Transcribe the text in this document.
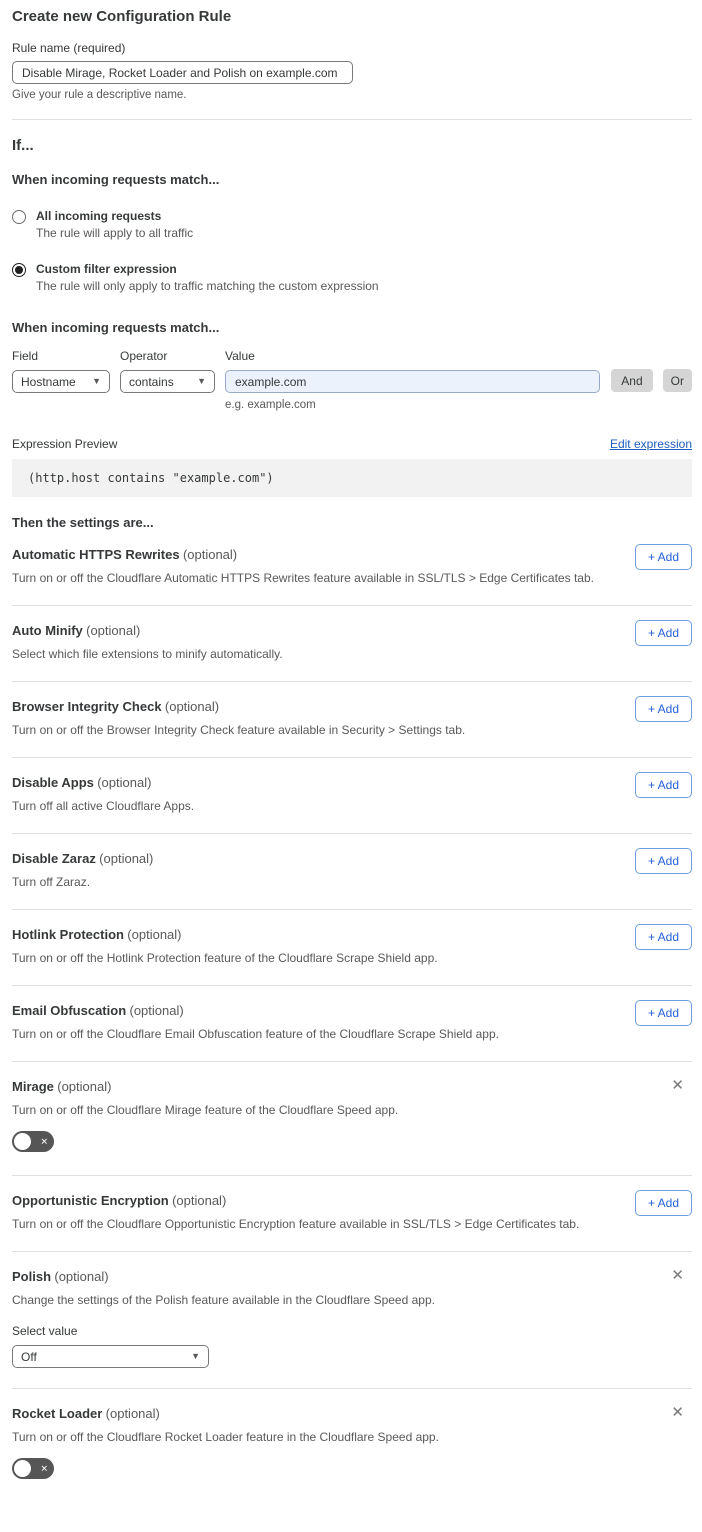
Create new Configuration Rule
Rule name (required)
Disable Mirage, Rocket Loader and Polish on example.com
Give your rule a descriptive name.
If...
When incoming requests match...
All incoming requests
The rule will apply to all traffic
Custom filter expression
The rule will only apply to traffic matching the custom expression
When incoming requests match...
Field
Hostname	▼
Operator
contains	▼
Value
example.com
e.g. example.com
And	Or
Expression Preview	Edit expression
(http.host contains "example.com")
Then the settings are...
Automatic HTTPS Rewrites (optional)
Turn on or off the Cloudflare Automatic HTTPS Rewrites feature available in SSL/TLS > Edge Certificates tab.
+ Add
Auto Minify (optional)
Select which file extensions to minify automatically.
+ Add
Browser Integrity Check (optional)
Turn on or off the Browser Integrity Check feature available in Security > Settings tab.
+ Add
Disable Apps (optional)
Turn off all active Cloudflare Apps.
+ Add
Disable Zaraz (optional)
Turn off Zaraz.
+ Add
Hotlink Protection (optional)
Turn on or off the Hotlink Protection feature of the Cloudflare Scrape Shield app.
+ Add
Email Obfuscation (optional)
Turn on or off the Cloudflare Email Obfuscation feature of the Cloudflare Scrape Shield app.
+ Add
Mirage (optional)
Turn on or off the Cloudflare Mirage feature of the Cloudflare Speed app.
✕
✕
Opportunistic Encryption (optional)
Turn on or off the Cloudflare Opportunistic Encryption feature available in SSL/TLS > Edge Certificates tab.
+ Add
Polish (optional)
Change the settings of the Polish feature available in the Cloudflare Speed app.
Select value
Off	▼
✕
Rocket Loader (optional)
Turn on or off the Cloudflare Rocket Loader feature in the Cloudflare Speed app.
✕
✕
